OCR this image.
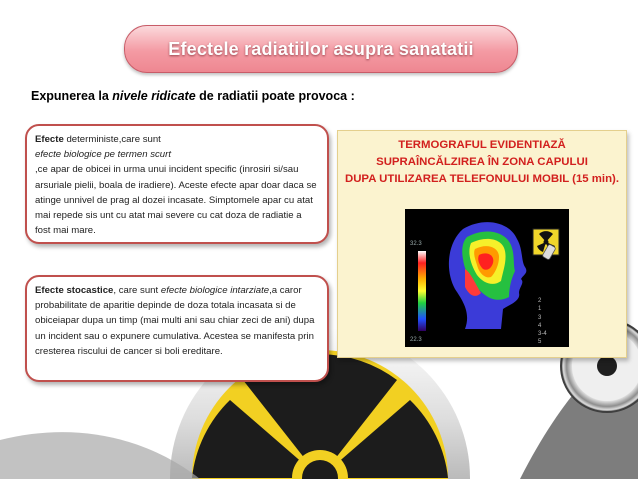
Efectele radiatiilor asupra sanatatii
Expunerea la nivele ridicate de radiatii poate provoca :

Efecte deterministe,care sunt
efecte biologice pe termen scurt
,ce apar de obicei in urma unui incident specific (inrosiri si/sau arsuriale pielii, boala de iradiere). Aceste efecte apar doar daca se atinge unnivel de prag al dozei incasate. Simptomele apar cu atat mai repede sis unt cu atat mai severe cu cat doza de radiatie a fost mai mare.

Efecte stocastice, care sunt efecte biologice intarziate,a caror probabilitate de aparitie depinde de doza totala incasata si de obiceiapar dupa un timp (mai multi ani sau chiar zeci de ani) dupa un incident sau o expunere cumulativa. Acestea se manifesta prin cresterea riscului de cancer si boli ereditare.

TERMOGRAFUL EVIDENTIAZĂ
SUPRAÎNCĂLZIREA ÎN ZONA CAPULUI
DUPA UTILIZAREA TELEFONULUI MOBIL (15 min).
32.3
22.3
2
1
3
4
3-4
5
